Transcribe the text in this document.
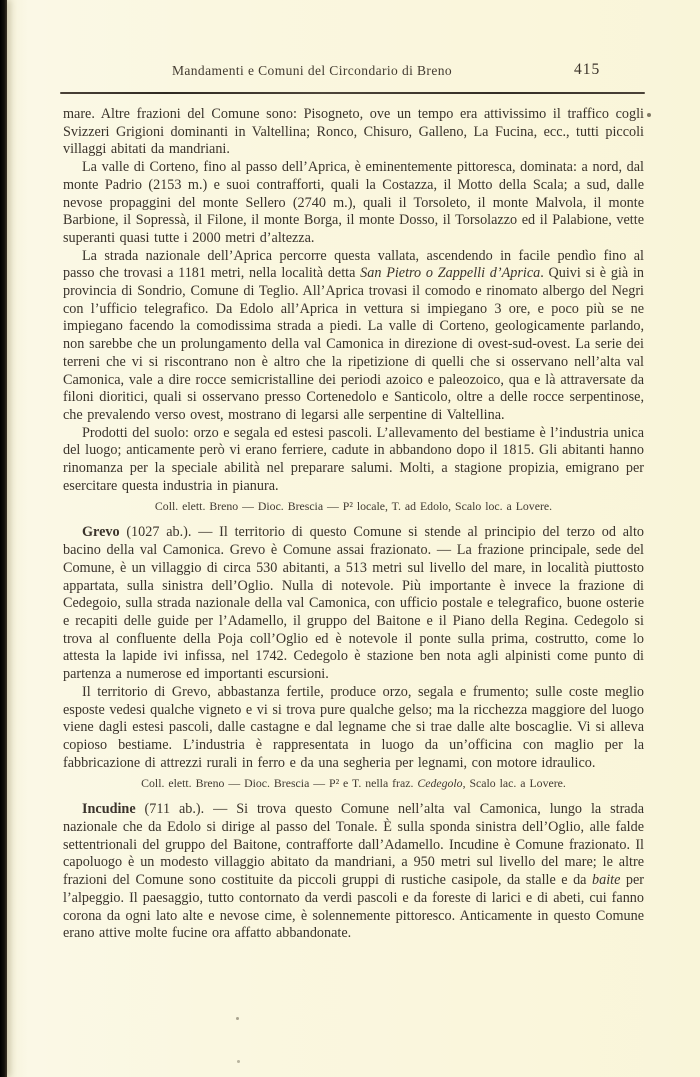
Mandamenti e Comuni del Circondario di Breno	415

mare. Altre frazioni del Comune sono: Pisogneto, ove un tempo era attivissimo il traffico cogli Svizzeri Grigioni dominanti in Valtellina; Ronco, Chisuro, Galleno, La Fucina, ecc., tutti piccoli villaggi abitati da mandriani.

La valle di Corteno, fino al passo dell’Aprica, è eminentemente pittoresca, dominata: a nord, dal monte Padrio (2153 m.) e suoi contrafforti, quali la Costazza, il Motto della Scala; a sud, dalle nevose propaggini del monte Sellero (2740 m.), quali il Torsoleto, il monte Malvola, il monte Barbione, il Sopressà, il Filone, il monte Borga, il monte Dosso, il Torsolazzo ed il Palabione, vette superanti quasi tutte i 2000 metri d’altezza.

La strada nazionale dell’Aprica percorre questa vallata, ascendendo in facile pendìo fino al passo che trovasi a 1181 metri, nella località detta San Pietro o Zappelli d’Aprica. Quivi si è già in provincia di Sondrio, Comune di Teglio. All’Aprica trovasi il comodo e rinomato albergo del Negri con l’ufficio telegrafico. Da Edolo all’Aprica in vettura si impiegano 3 ore, e poco più se ne impiegano facendo la comodissima strada a piedi. La valle di Corteno, geologicamente parlando, non sarebbe che un prolungamento della val Camonica in direzione di ovest-sud-ovest. La serie dei terreni che vi si riscontrano non è altro che la ripetizione di quelli che si osservano nell’alta val Camonica, vale a dire rocce semicristalline dei periodi azoico e paleozoico, qua e là attraversate da filoni dioritici, quali si osservano presso Cortenedolo e Santicolo, oltre a delle rocce serpentinose, che prevalendo verso ovest, mostrano di legarsi alle serpentine di Valtellina.

Prodotti del suolo: orzo e segala ed estesi pascoli. L’allevamento del bestiame è l’industria unica del luogo; anticamente però vi erano ferriere, cadute in abbandono dopo il 1815. Gli abitanti hanno rinomanza per la speciale abilità nel preparare salumi. Molti, a stagione propizia, emigrano per esercitare questa industria in pianura.

Coll. elett. Breno — Dioc. Brescia — P² locale, T. ad Edolo, Scalo loc. a Lovere.

Grevo (1027 ab.). — Il territorio di questo Comune si stende al principio del terzo od alto bacino della val Camonica. Grevo è Comune assai frazionato. — La frazione principale, sede del Comune, è un villaggio di circa 530 abitanti, a 513 metri sul livello del mare, in località piuttosto appartata, sulla sinistra dell’Oglio. Nulla di notevole. Più importante è invece la frazione di Cedegoio, sulla strada nazionale della val Camonica, con ufficio postale e telegrafico, buone osterie e recapiti delle guide per l’Adamello, il gruppo del Baitone e il Piano della Regina. Cedegolo si trova al confluente della Poja coll’Oglio ed è notevole il ponte sulla prima, costrutto, come lo attesta la lapide ivi infissa, nel 1742. Cedegolo è stazione ben nota agli alpinisti come punto di partenza a numerose ed importanti escursioni.

Il territorio di Grevo, abbastanza fertile, produce orzo, segala e frumento; sulle coste meglio esposte vedesi qualche vigneto e vi si trova pure qualche gelso; ma la ricchezza maggiore del luogo viene dagli estesi pascoli, dalle castagne e dal legname che si trae dalle alte boscaglie. Vi si alleva copioso bestiame. L’industria è rappresentata in luogo da un’officina con maglio per la fabbricazione di attrezzi rurali in ferro e da una segheria per legnami, con motore idraulico.

Coll. elett. Breno — Dioc. Brescia — P² e T. nella fraz. Cedegolo, Scalo lac. a Lovere.

Incudine (711 ab.). — Si trova questo Comune nell’alta val Camonica, lungo la strada nazionale che da Edolo si dirige al passo del Tonale. È sulla sponda sinistra dell’Oglio, alle falde settentrionali del gruppo del Baitone, contrafforte dall’Adamello. Incudine è Comune frazionato. Il capoluogo è un modesto villaggio abitato da mandriani, a 950 metri sul livello del mare; le altre frazioni del Comune sono costituite da piccoli gruppi di rustiche casipole, da stalle e da baite per l’alpeggio. Il paesaggio, tutto contornato da verdi pascoli e da foreste di larici e di abeti, cui fanno corona da ogni lato alte e nevose cime, è solennemente pittoresco. Anticamente in questo Comune erano attive molte fucine ora affatto abbandonate.
